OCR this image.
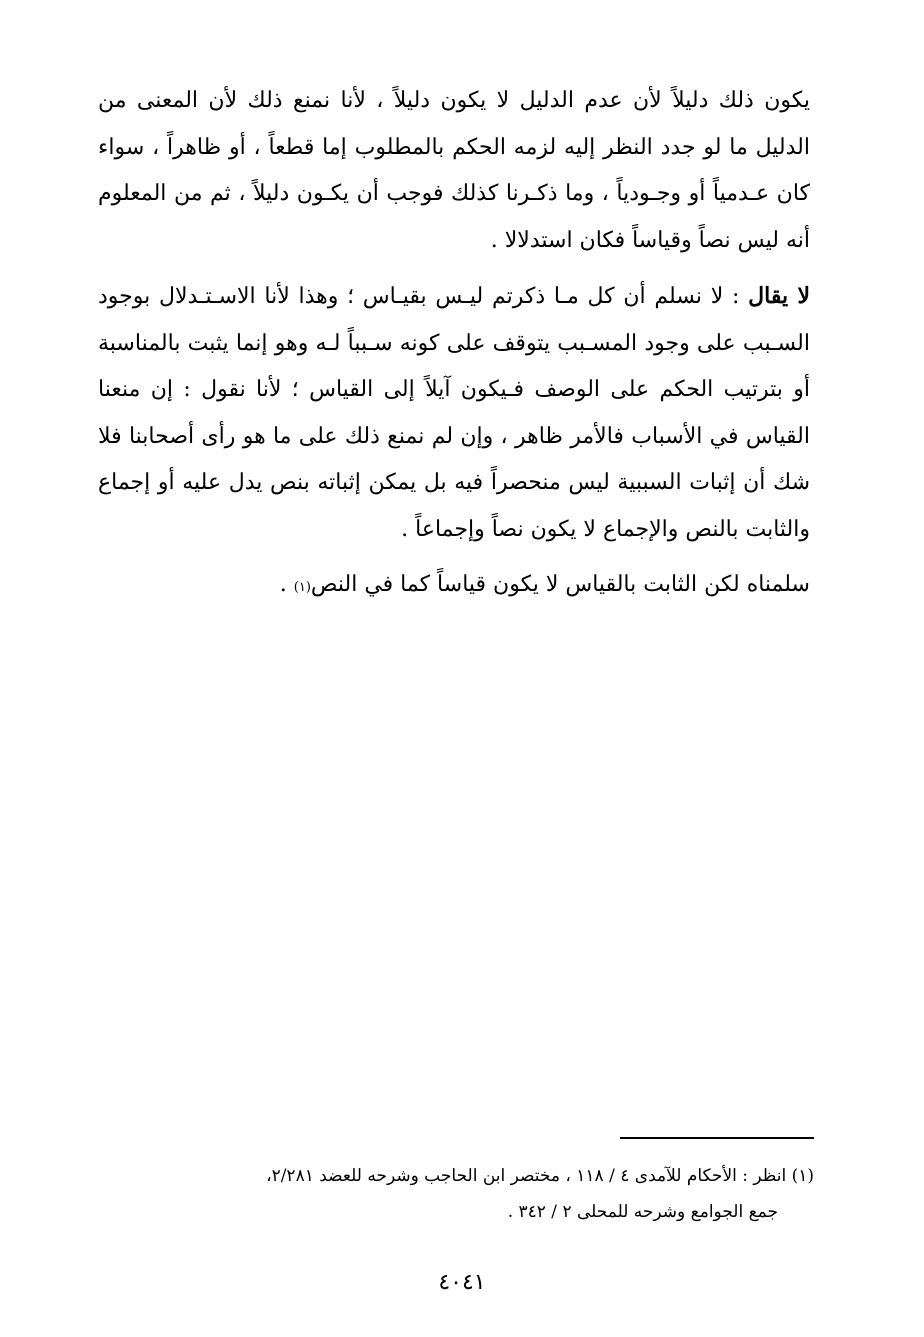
يكون ذلك دليلاً لأن عدم الدليل لا يكون دليلاً ، لأنا نمنع ذلك لأن المعنى من الدليل ما لو جدد النظر إليه لزمه الحكم بالمطلوب إما قطعاً ، أو ظاهراً ، سواء كان عـدمياً أو وجـودياً ، وما ذكـرنا كذلك فوجب أن يكـون دليلاً ، ثم من المعلوم أنه ليس نصاً وقياساً فكان استدلالا .

لا يقال : لا نسلم أن كل مـا ذكرتم ليـس بقيـاس ؛ وهذا لأنا الاسـتـدلال بوجود السـبب على وجود المسـبب يتوقف على كونه سـبباً لـه وهو إنما يثبت بالمناسبة أو بترتيب الحكم على الوصف فـيكون آيلاً إلى القياس ؛ لأنا نقول : إن منعنا القياس في الأسباب فالأمر ظاهر ، وإن لم نمنع ذلك على ما هو رأى أصحابنا فلا شك أن إثبات السببية ليس منحصراً فيه بل يمكن إثباته بنص يدل عليه أو إجماع والثابت بالنص والإجماع لا يكون نصاً وإجماعاً .

سلمناه لكن الثابت بالقياس لا يكون قياساً كما في النص(١) .

(١) انظر : الأحكام للآمدى ٤ / ١١٨ ، مختصر ابن الحاجب وشرحه للعضد ٢/٢٨١،
جمع الجوامع وشرحه للمحلى ٢ / ٣٤٢ .
٤٠٤١
